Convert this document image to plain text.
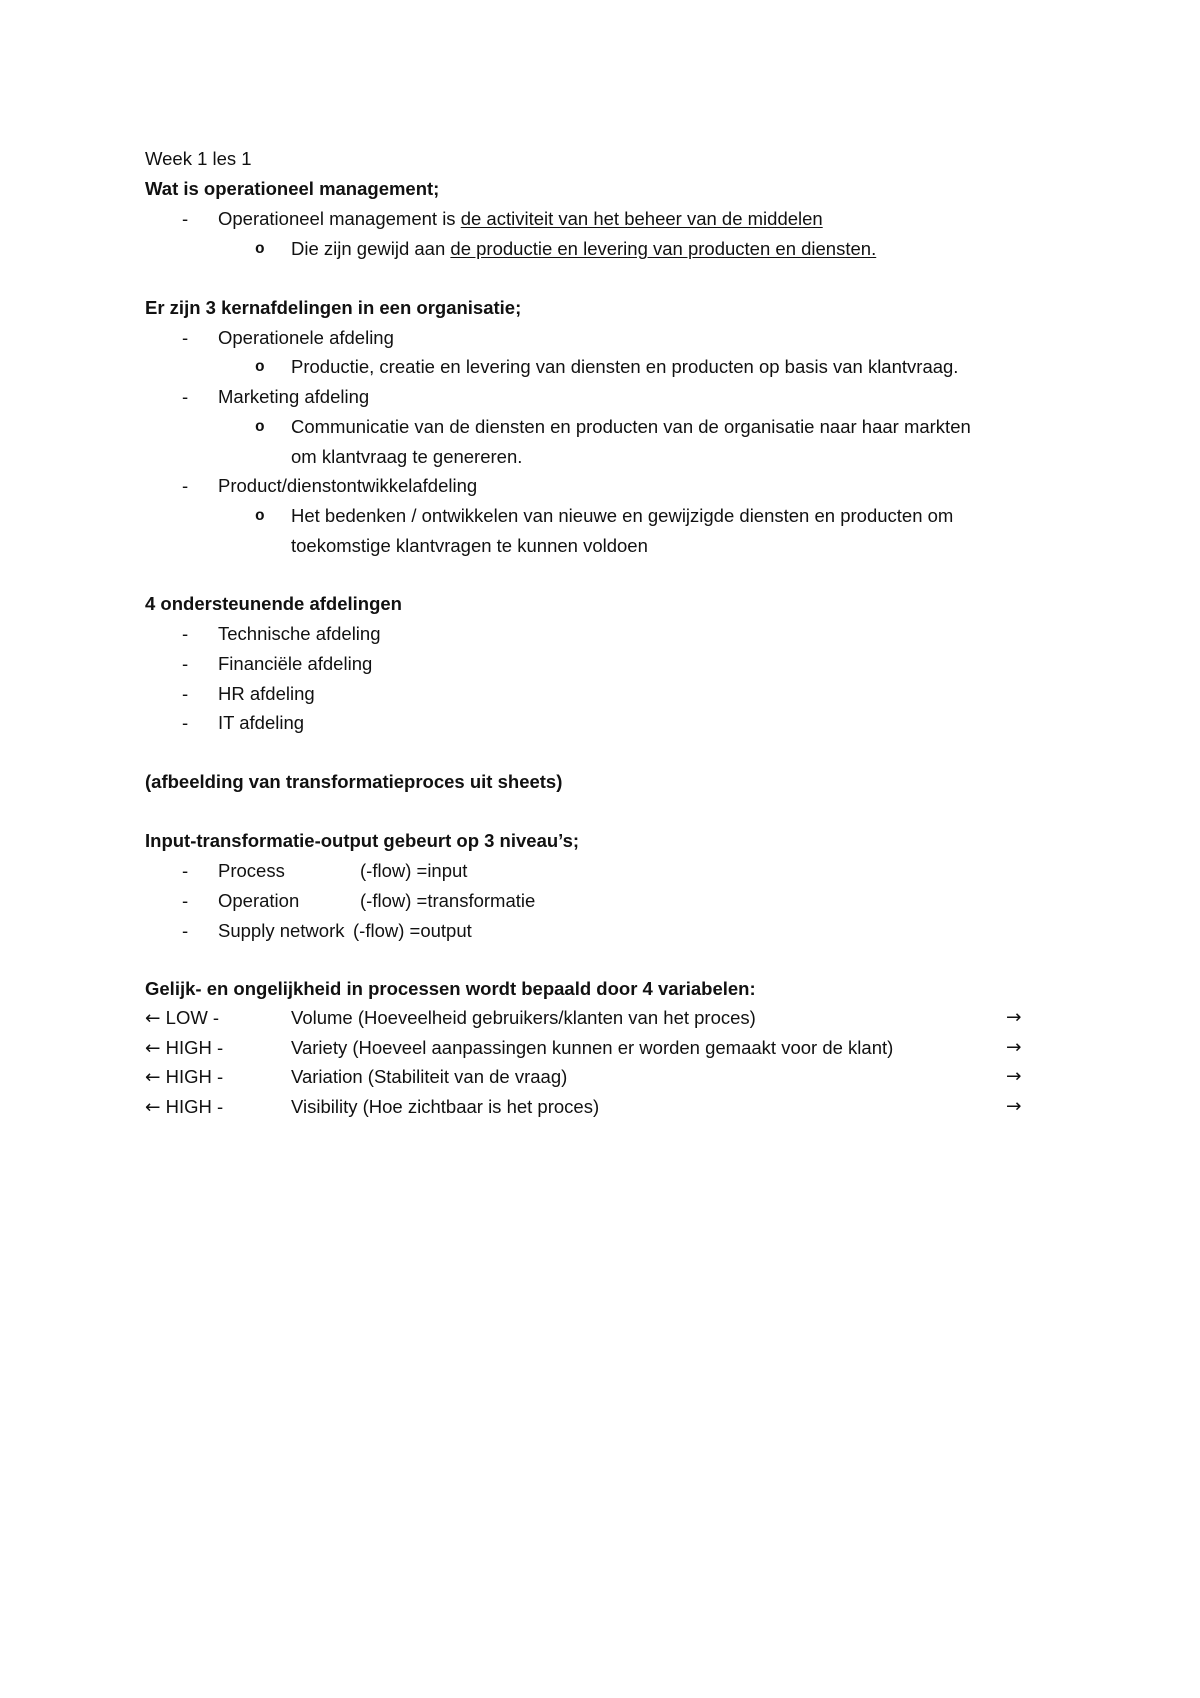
Week 1 les 1
Wat is operationeel management;
- Operationeel management is de activiteit van het beheer van de middelen
o Die zijn gewijd aan de productie en levering van producten en diensten.
Er zijn 3 kernafdelingen in een organisatie;
- Operationele afdeling
o Productie, creatie en levering van diensten en producten op basis van klantvraag.
- Marketing afdeling
o Communicatie van de diensten en producten van de organisatie naar haar markten
om klantvraag te genereren.
- Product/dienstontwikkelafdeling
o Het bedenken / ontwikkelen van nieuwe en gewijzigde diensten en producten om
toekomstige klantvragen te kunnen voldoen
4 ondersteunende afdelingen
- Technische afdeling
- Financiële afdeling
- HR afdeling
- IT afdeling
(afbeelding van transformatieproces uit sheets)
Input-transformatie-output gebeurt op 3 niveau’s;
- Process	(-flow) =input
- Operation	(-flow) =transformatie
- Supply network (-flow) =output
Gelijk- en ongelijkheid in processen wordt bepaald door 4 variabelen:
← LOW -	Volume (Hoeveelheid gebruikers/klanten van het proces)	→
← HIGH -	Variety (Hoeveel aanpassingen kunnen er worden gemaakt voor de klant)	→
← HIGH -	Variation (Stabiliteit van de vraag)	→
← HIGH -	Visibility (Hoe zichtbaar is het proces)	→
